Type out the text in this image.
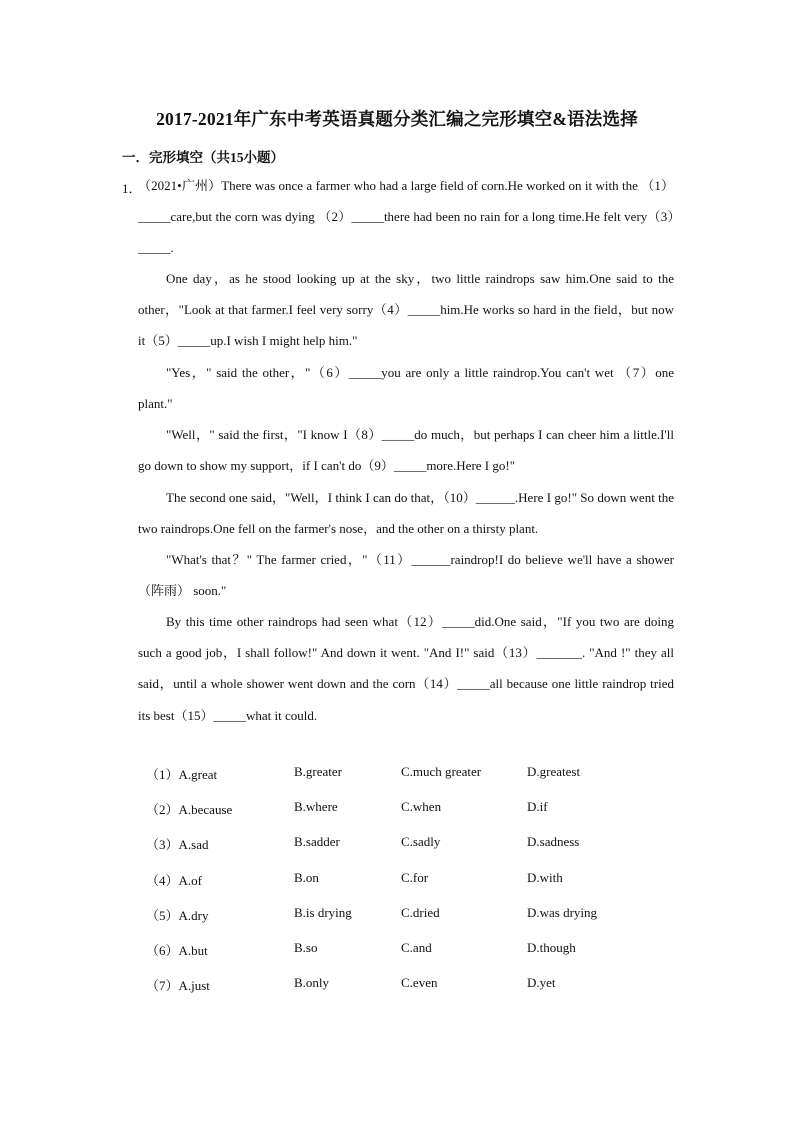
2017-2021年广东中考英语真题分类汇编之完形填空&语法选择
一．完形填空（共15小题）
1．

（2021•广州）There was once a farmer who had a large field of corn.He worked on it with the （1）_____care,but the corn was dying （2）_____there had been no rain for a long time.He felt very（3）_____.

One day，as he stood looking up at the sky，two little raindrops saw him.One said to the other，"Look at that farmer.I feel very sorry（4）_____him.He works so hard in the field，but now it（5）_____up.I wish I might help him."

"Yes，" said the other，"（6）_____you are only a little raindrop.You can't wet （7）one plant."

"Well，" said the first，"I know I（8）_____do much，but perhaps I can cheer him a little.I'll go down to show my support，if I can't do（9）_____more.Here I go!"

The second one said，"Well，I think I can do that，（10）______.Here I go!" So down went the two raindrops.One fell on the farmer's nose，and the other on a thirsty plant.

"What's that？" The farmer cried，"（11）______raindrop!I do believe we'll have a shower （阵雨） soon."

By this time other raindrops had seen what（12）_____did.One said，"If you two are doing such a good job，I shall follow!" And down it went. "And I!" said（13）_______. "And !" they all said，until a whole shower went down and the corn（14）_____all because one little raindrop tried its best（15）_____what it could.

（1）A.great	B.greater	C.much greater	D.greatest
（2）A.because	B.where	C.when	D.if
（3）A.sad	B.sadder	C.sadly	D.sadness
（4）A.of	B.on	C.for	D.with
（5）A.dry	B.is drying	C.dried	D.was drying
（6）A.but	B.so	C.and	D.though
（7）A.just	B.only	C.even	D.yet
